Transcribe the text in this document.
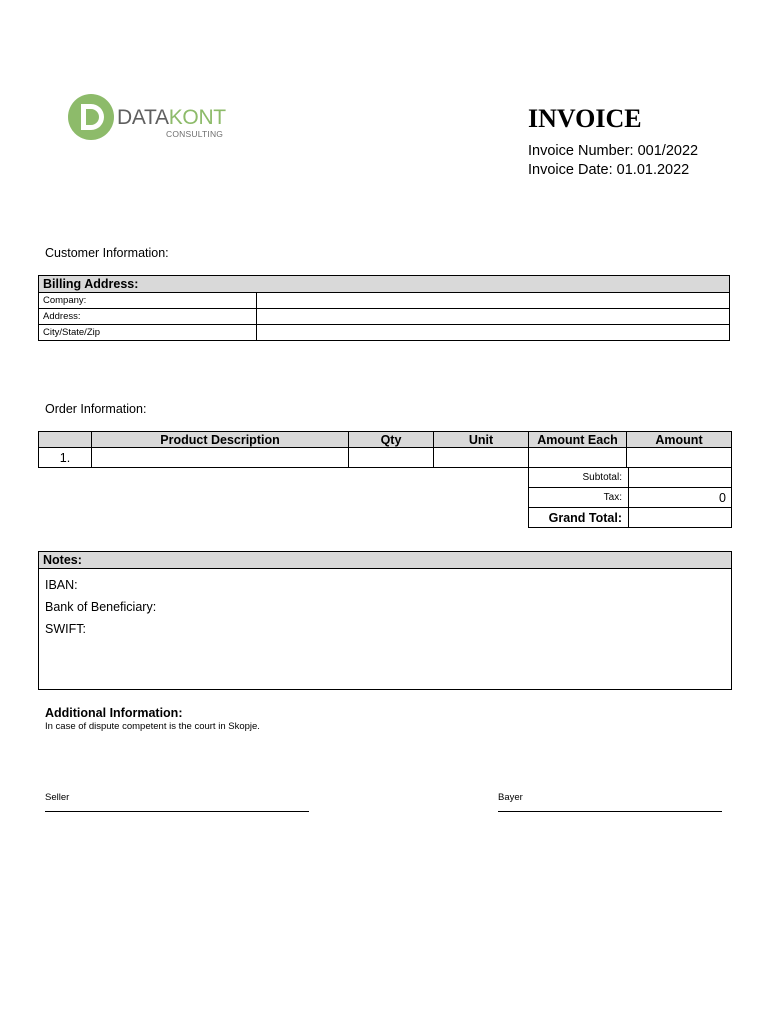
DATAKONT
CONSULTING
INVOICE
Invoice Number: 001/2022
Invoice Date: 01.01.2022
Customer Information:
Billing Address:	
Company:	
Address:	
City/State/Zip	
Order Information:
	Product Description	Qty	Unit	Amount Each	Amount
1.					
Subtotal:	
Tax:	0
Grand Total:	
Notes:
IBAN:
Bank of Beneficiary:
SWIFT:
Additional Information:
In case of dispute competent is the court in Skopje.
Seller	Bayer
